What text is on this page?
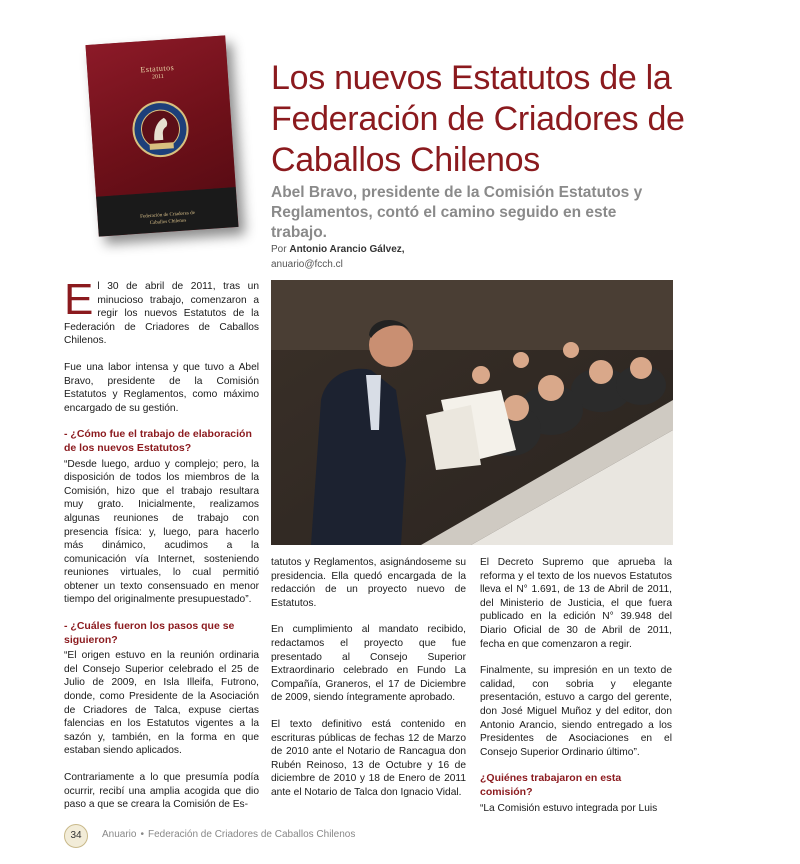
Estatutos
2011
Federación de Criadores de
Caballos Chilenos
Los nuevos Estatutos de la Federación de Criadores de Caballos Chilenos

Abel Bravo, presidente de la Comisión Estatutos y Reglamentos, contó el camino seguido en este trabajo.

Por Antonio Arancio Gálvez,
anuario@fcch.cl

El 30 de abril de 2011, tras un minucioso trabajo, comenzaron a regir los nuevos Estatutos de la Federación de Criadores de Caballos Chilenos.

Fue una labor intensa y que tuvo a Abel Bravo, presidente de la Comisión Estatutos y Reglamentos, como máximo encargado de su gestión.

- ¿Cómo fue el trabajo de elaboración de los nuevos Estatutos?

“Desde luego, arduo y complejo; pero, la disposición de todos los miembros de la Comisión, hizo que el trabajo resultara muy grato. Inicialmente, realizamos algunas reuniones de trabajo con presencia física: y, luego, para hacerlo más dinámico, acudimos a la comunicación vía Internet, sosteniendo reuniones virtuales, lo cual permitió obtener un texto consensuado en menor tiempo del originalmente presupuestado”.

- ¿Cuáles fueron los pasos que se siguieron?

“El origen estuvo en la reunión ordinaria del Consejo Superior celebrado el 25 de Julio de 2009, en Isla Illeifa, Futrono, donde, como Presidente de la Asociación de Criadores de Talca, expuse ciertas falencias en los Estatutos vigentes a la sazón y, también, en la forma en que estaban siendo aplicados.

Contrariamente a lo que presumía podía ocurrir, recibí una amplia acogida que dio paso a que se creara la Comisión de Es-

tatutos y Reglamentos, asignándoseme su presidencia. Ella quedó encargada de la redacción de un proyecto nuevo de Estatutos.

En cumplimiento al mandato recibido, redactamos el proyecto que fue presentado al Consejo Superior Extraordinario celebrado en Fundo La Compañía, Graneros, el 17 de Diciembre de 2009, siendo íntegramente aprobado.

El texto definitivo está contenido en escrituras públicas de fechas 12 de Marzo de 2010 ante el Notario de Rancagua don Rubén Reinoso, 13 de Octubre y 16 de diciembre de 2010 y 18 de Enero de 2011 ante el Notario de Talca don Ignacio Vidal.

El Decreto Supremo que aprueba la reforma y el texto de los nuevos Estatutos lleva el N° 1.691, de 13 de Abril de 2011, del Ministerio de Justicia, el que fuera publicado en la edición N° 39.948 del Diario Oficial de 30 de Abril de 2011, fecha en que comenzaron a regir.

Finalmente, su impresión en un texto de calidad, con sobria y elegante presentación, estuvo a cargo del gerente, don José Miguel Muñoz y del editor, don Antonio Arancio, siendo entregado a los Presidentes de Asociaciones en el Consejo Superior Ordinario último”.

¿Quiénes trabajaron en esta comisión?

“La Comisión estuvo integrada por Luis

34	Anuario • Federación de Criadores de Caballos Chilenos
